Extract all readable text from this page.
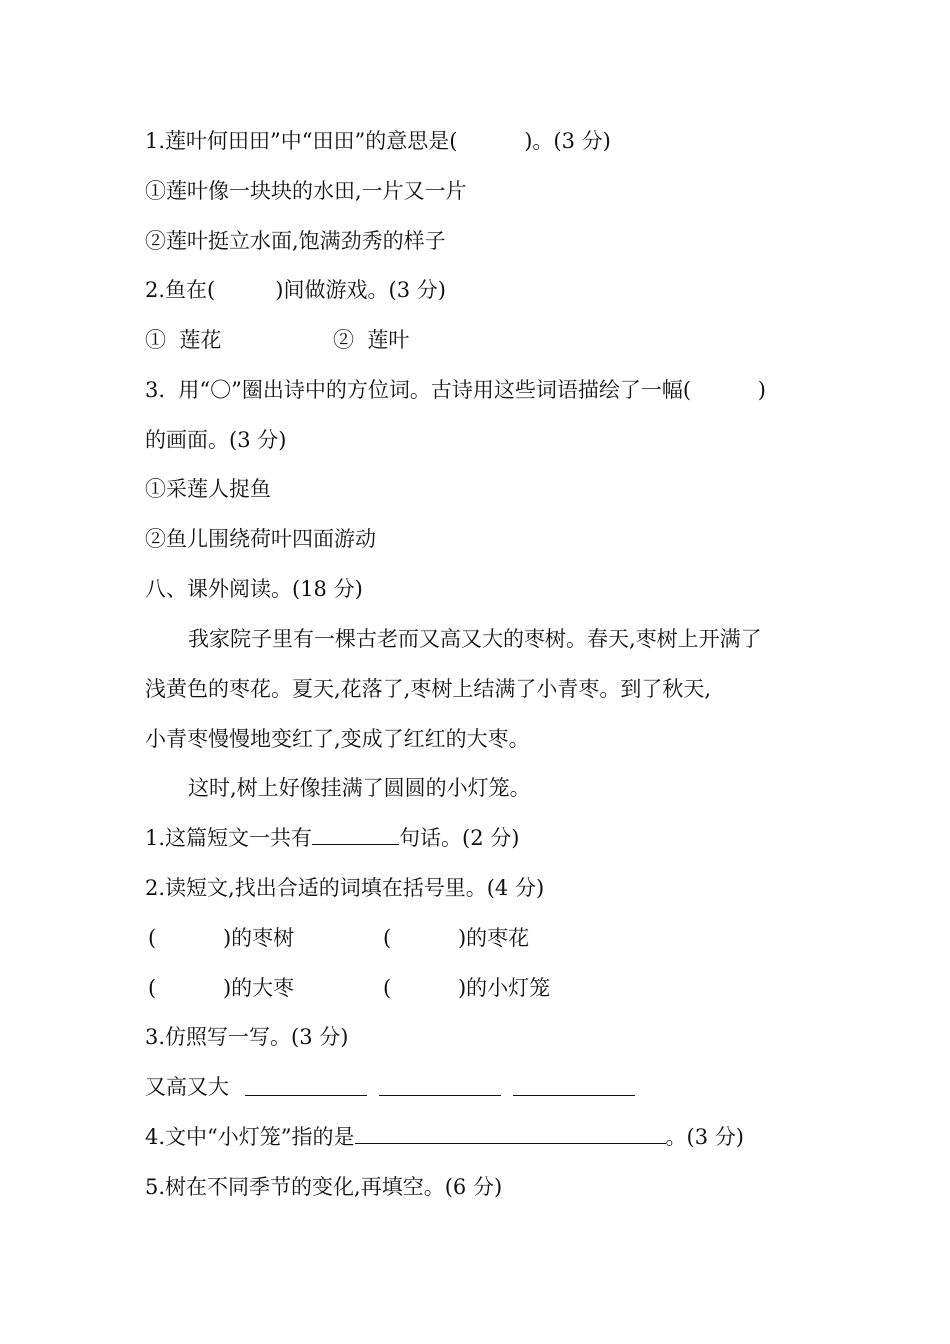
1.莲叶何田田”中“田田”的意思是(          )。(3 分)
①莲叶像一块块的水田,一片又一片
②莲叶挺立水面,饱满劲秀的样子
2.鱼在(         )间做游戏。(3 分)
①  莲花	②  莲叶
3.  用“〇”圈出诗中的方位词。古诗用这些词语描绘了一幅(          )
的画面。(3 分)
①采莲人捉鱼
②鱼儿围绕荷叶四面游动
八、课外阅读。(18 分)
我家院子里有一棵古老而又高又大的枣树。春天,枣树上开满了
浅黄色的枣花。夏天,花落了,枣树上结满了小青枣。到了秋天,
小青枣慢慢地变红了,变成了红红的大枣。
这时,树上好像挂满了圆圆的小灯笼。
1.这篇短文一共有	句话。(2 分)
2.读短文,找出合适的词填在括号里。(4 分)
(          )的枣树	(          )的枣花
(          )的大枣	(          )的小灯笼
3.仿照写一写。(3 分)
又高又大
4.文中“小灯笼”指的是	。(3 分)
5.树在不同季节的变化,再填空。(6 分)
